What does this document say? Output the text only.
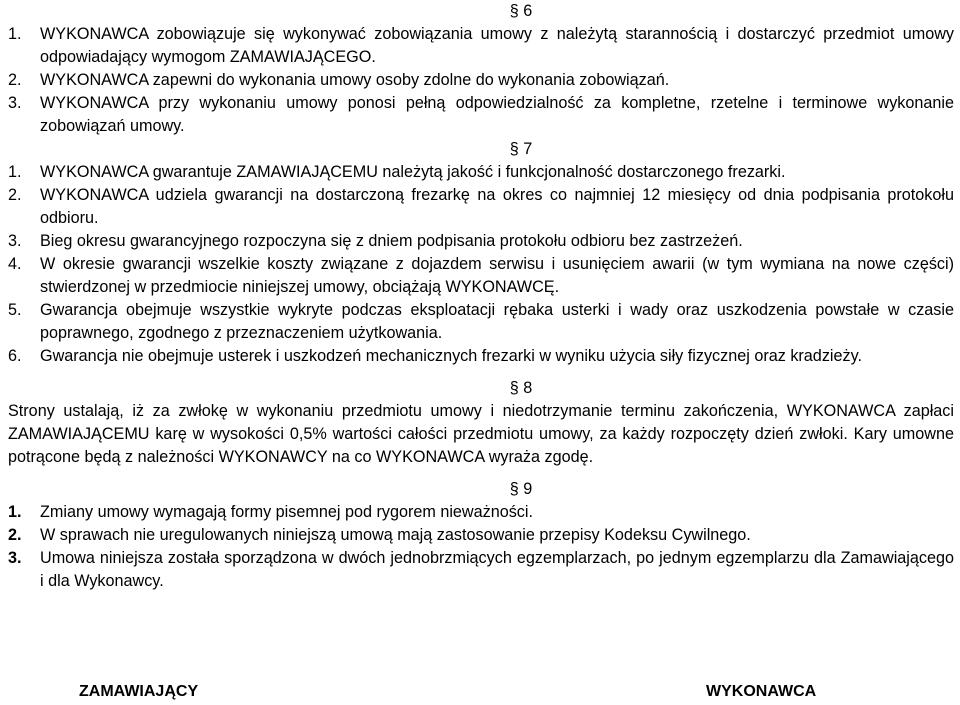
§ 6
1.	WYKONAWCA zobowiązuje się wykonywać zobowiązania umowy z należytą starannością i dostarczyć przedmiot umowy odpowiadający wymogom ZAMAWIAJĄCEGO.
2.	WYKONAWCA zapewni do wykonania umowy osoby zdolne do wykonania zobowiązań.
3.	WYKONAWCA przy wykonaniu umowy ponosi pełną odpowiedzialność za kompletne, rzetelne i terminowe wykonanie zobowiązań umowy.
§ 7
1.	WYKONAWCA gwarantuje ZAMAWIAJĄCEMU należytą jakość i funkcjonalność dostarczonego frezarki.
2.	WYKONAWCA udziela gwarancji na dostarczoną frezarkę na okres co najmniej 12 miesięcy od dnia podpisania protokołu odbioru.
3.	Bieg okresu gwarancyjnego rozpoczyna się z dniem podpisania protokołu odbioru bez zastrzeżeń.
4.	W okresie gwarancji wszelkie koszty związane z dojazdem serwisu i usunięciem awarii (w tym wymiana na nowe części) stwierdzonej w przedmiocie niniejszej umowy, obciążają WYKONAWCĘ.
5.	Gwarancja obejmuje wszystkie wykryte podczas eksploatacji rębaka usterki i wady oraz uszkodzenia powstałe w czasie poprawnego, zgodnego z przeznaczeniem użytkowania.
6.	Gwarancja nie obejmuje usterek i uszkodzeń mechanicznych frezarki w wyniku użycia siły fizycznej oraz kradzieży.
§ 8
Strony ustalają, iż za zwłokę w wykonaniu przedmiotu umowy i niedotrzymanie terminu zakończenia, WYKONAWCA zapłaci ZAMAWIAJĄCEMU karę w wysokości 0,5% wartości całości przedmiotu umowy, za każdy rozpoczęty dzień zwłoki. Kary umowne potrącone będą z należności WYKONAWCY na co WYKONAWCA wyraża zgodę.
§ 9
1.	Zmiany umowy wymagają formy pisemnej pod rygorem nieważności.
2.	W sprawach nie uregulowanych niniejszą umową mają zastosowanie przepisy Kodeksu Cywilnego.
3.	Umowa niniejsza została sporządzona w dwóch jednobrzmiących egzemplarzach, po jednym egzemplarzu dla Zamawiającego i dla Wykonawcy.
ZAMAWIAJĄCY	WYKONAWCA
